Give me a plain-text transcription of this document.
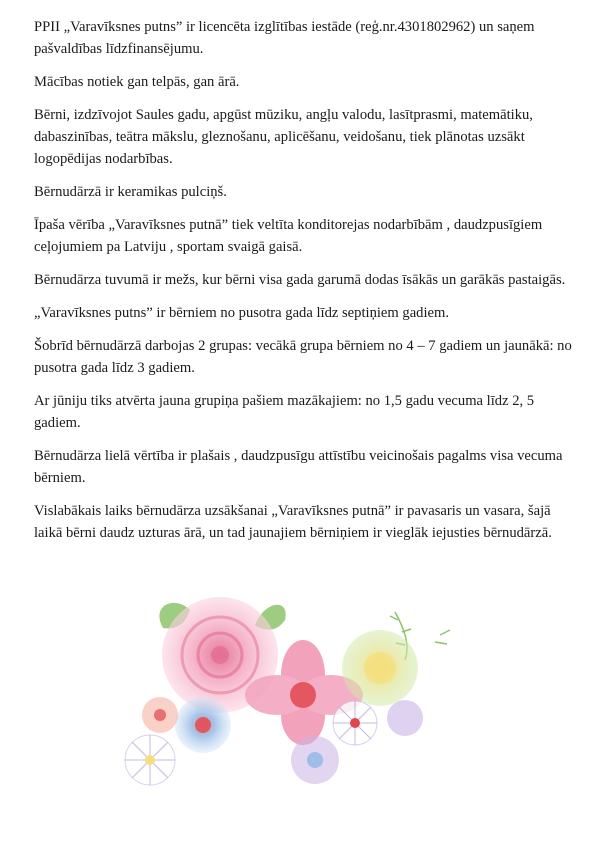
PPII „Varavīksnes putns” ir licencēta izglītības iestāde (reģ.nr.4301802962) un saņem pašvaldības līdzfinansējumu.

Mācības notiek gan telpās, gan ārā.

Bērni, izdzīvojot Saules gadu, apgūst mūziku, angļu valodu, lasītprasmi, matemātiku, dabaszinības, teātra mākslu, gleznošanu, aplicēšanu, veidošanu, tiek plānotas uzsākt logopēdijas nodarbības.

Bērnudārzā ir keramikas pulciņš.

Īpaša vērība „Varavīksnes putnā” tiek veltīta konditorejas nodarbībām , daudzpusīgiem ceļojumiem pa Latviju , sportam svaigā gaisā.

Bērnudārza tuvumā ir mežs, kur bērni visa gada garumā dodas īsākās un garākās pastaigās.

„Varavīksnes putns” ir bērniem no pusotra gada līdz septiņiem gadiem.

Šobrīd bērnudārzā darbojas 2 grupas: vecākā grupa bērniem no 4 – 7 gadiem un jaunākā: no pusotra gada līdz 3 gadiem.

Ar jūniju tiks atvērta jauna grupiņa pašiem mazākajiem: no 1,5 gadu vecuma līdz 2, 5 gadiem.

Bērnudārza lielā vērtība ir plašais , daudzpusīgu attīstību veicinošais pagalms visa vecuma bērniem.

Vislabākais laiks bērnudārza uzsākšanai „Varavīksnes putnā” ir pavasaris un vasara, šajā laikā bērni daudz uzturas ārā, un tad jaunajiem bērniņiem ir vieglāk iejusties bērnudārzā.
